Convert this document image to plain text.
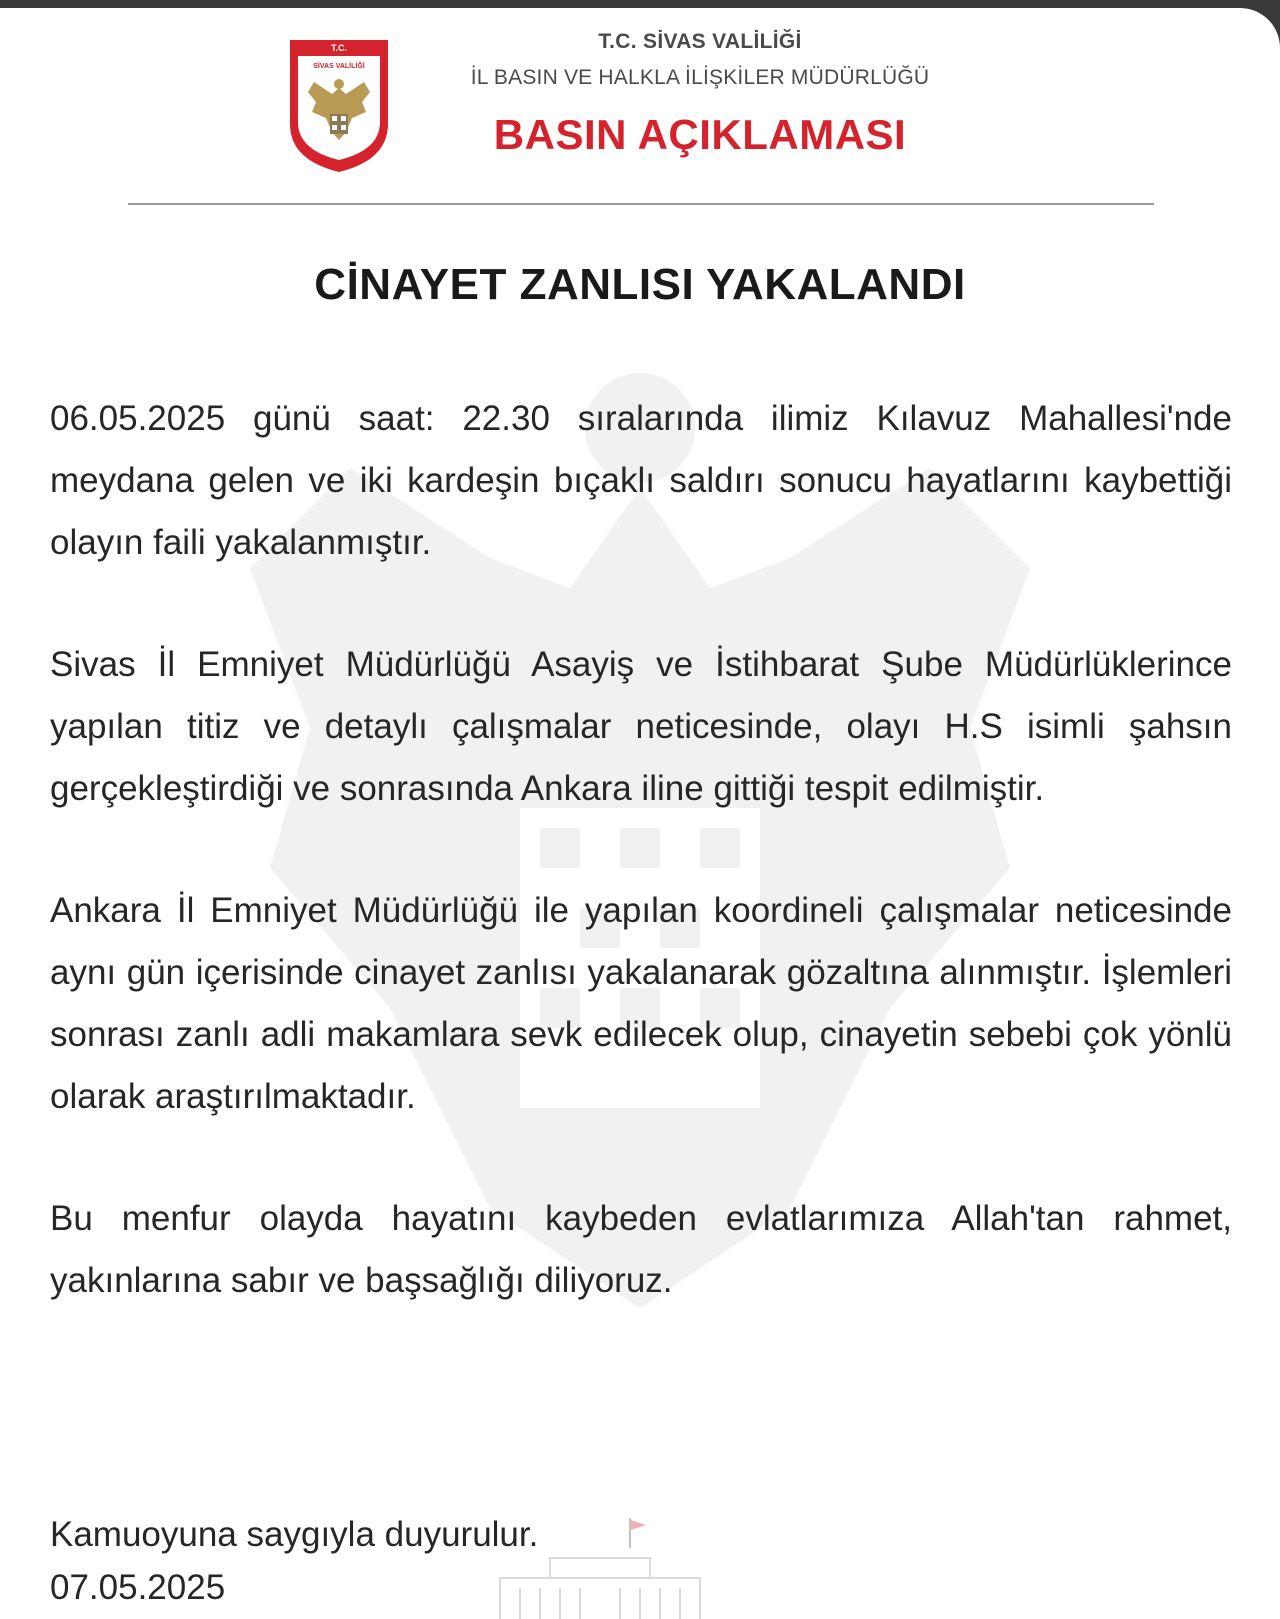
T.C.
SİVAS VALİLİĞİ
T.C. SİVAS VALİLİĞİ
İL BASIN VE HALKLA İLİŞKİLER MÜDÜRLÜĞÜ
BASIN AÇIKLAMASI
CİNAYET ZANLISI YAKALANDI

06.05.2025 günü saat: 22.30 sıralarında ilimiz Kılavuz Mahallesi'nde meydana gelen ve iki kardeşin bıçaklı saldırı sonucu hayatlarını kaybettiği olayın faili yakalanmıştır.

Sivas İl Emniyet Müdürlüğü Asayiş ve İstihbarat Şube Müdürlüklerince yapılan titiz ve detaylı çalışmalar neticesinde, olayı H.S isimli şahsın gerçekleştirdiği ve sonrasında Ankara iline gittiği tespit edilmiştir.

Ankara İl Emniyet Müdürlüğü ile yapılan koordineli çalışmalar neticesinde aynı gün içerisinde cinayet zanlısı yakalanarak gözaltına alınmıştır. İşlemleri sonrası zanlı adli makamlara sevk edilecek olup, cinayetin sebebi çok yönlü olarak araştırılmaktadır.

Bu menfur olayda hayatını kaybeden evlatlarımıza Allah'tan rahmet, yakınlarına sabır ve başsağlığı diliyoruz.

Kamuoyuna saygıyla duyurulur.
07.05.2025
